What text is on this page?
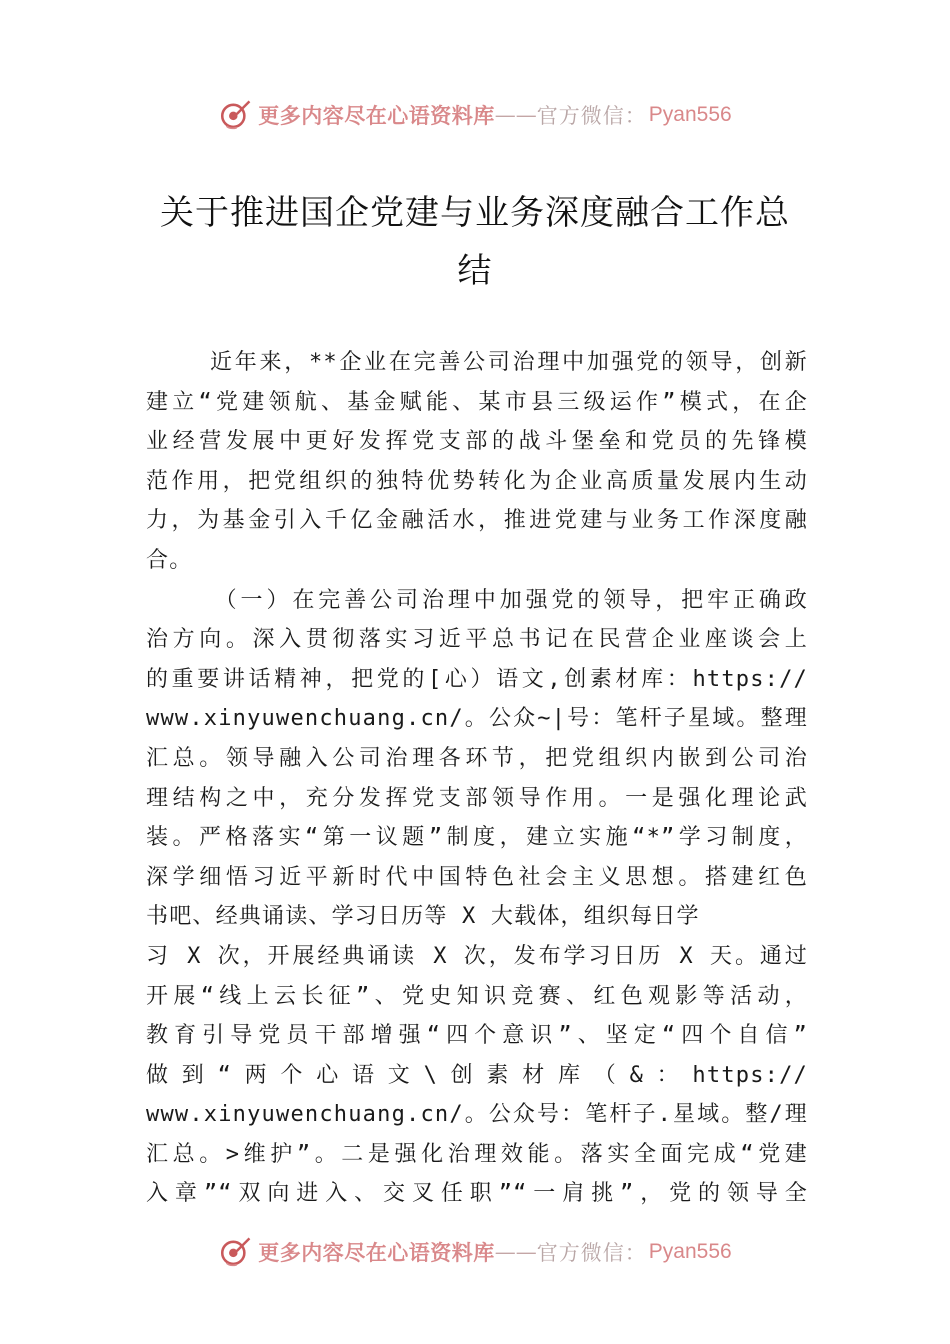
更多内容尽在心语资料库 —— 官方微信： Pyan556
关于推进国企党建与业务深度融合工作总
结
近年来，**企业在完善公司治理中加强党的领导，创新
建立“党建领航、基金赋能、某市县三级运作”模式，在企
业经营发展中更好发挥党支部的战斗堡垒和党员的先锋模
范作用，把党组织的独特优势转化为企业高质量发展内生动
力，为基金引入千亿金融活水，推进党建与业务工作深度融
合。
（一）在完善公司治理中加强党的领导，把牢正确政
治方向。深入贯彻落实习近平总书记在民营企业座谈会上
的重要讲话精神，把党的[心）语文,创素材库：https://
www.xinyuwenchuang.cn/。公众~|号：笔杆子星域。整理
汇总。领导融入公司治理各环节，把党组织内嵌到公司治
理结构之中，充分发挥党支部领导作用。一是强化理论武
装。严格落实“第一议题”制度，建立实施“*”学习制度，
深学细悟习近平新时代中国特色社会主义思想。搭建红色
书吧、经典诵读、学习日历等 X 大载体，组织每日学
习 X 次，开展经典诵读 X 次，发布学习日历 X 天。通过
开展“线上云长征”、党史知识竞赛、红色观影等活动，
教育引导党员干部增强“四个意识”、坚定“四个自信”
做到“两个心语文\创素材库（&：https://
www.xinyuwenchuang.cn/。公众号：笔杆子.星域。整/理
汇总。>维护”。二是强化治理效能。落实全面完成“党建
入章”“双向进入、交叉任职”“一肩挑”，党的领导全
更多内容尽在心语资料库 —— 官方微信： Pyan556
